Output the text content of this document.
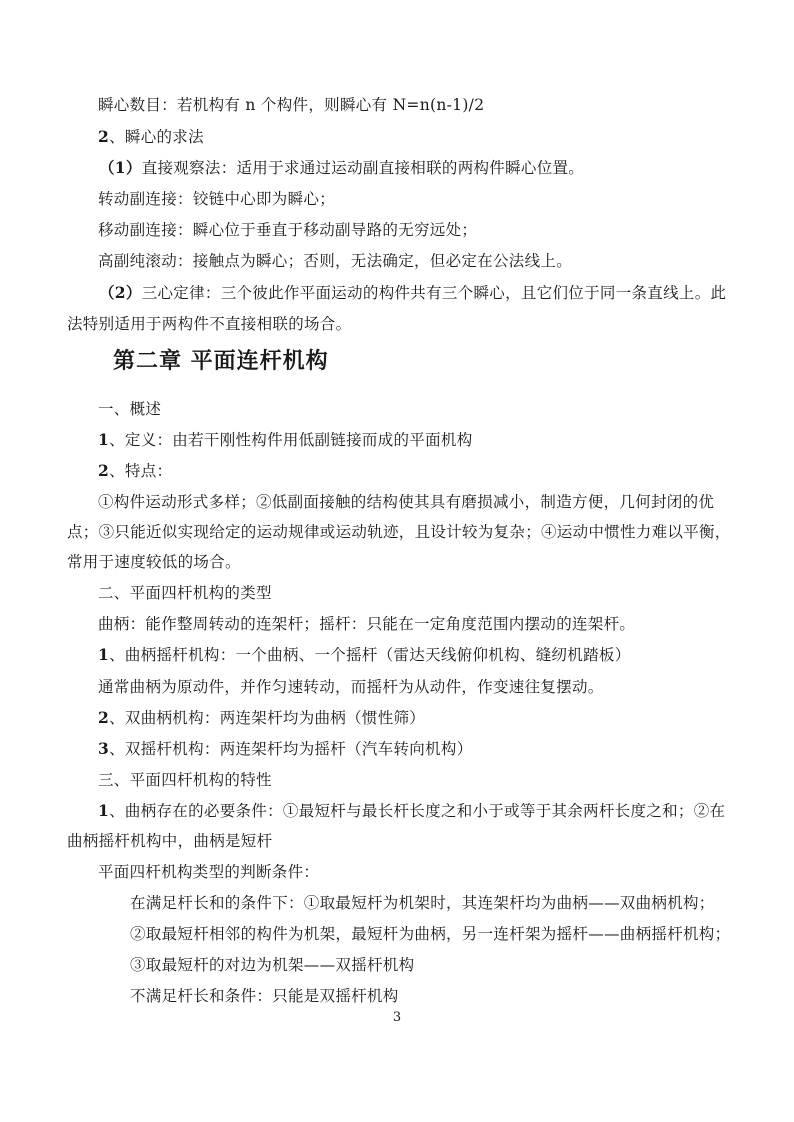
瞬心数目：若机构有 n 个构件，则瞬心有 N=n(n-1)/2
2、瞬心的求法
（1）直接观察法：适用于求通过运动副直接相联的两构件瞬心位置。
转动副连接：铰链中心即为瞬心；
移动副连接：瞬心位于垂直于移动副导路的无穷远处；
高副纯滚动：接触点为瞬心；否则，无法确定，但必定在公法线上。
（2）三心定律：三个彼此作平面运动的构件共有三个瞬心，且它们位于同一条直线上。此
法特别适用于两构件不直接相联的场合。
第二章 平面连杆机构
一、概述
1、定义：由若干刚性构件用低副链接而成的平面机构
2、特点：
①构件运动形式多样；②低副面接触的结构使其具有磨损减小，制造方便，几何封闭的优
点；③只能近似实现给定的运动规律或运动轨迹，且设计较为复杂；④运动中惯性力难以平衡，
常用于速度较低的场合。
二、平面四杆机构的类型
曲柄：能作整周转动的连架杆；摇杆：只能在一定角度范围内摆动的连架杆。
1、曲柄摇杆机构：一个曲柄、一个摇杆（雷达天线俯仰机构、缝纫机踏板）
通常曲柄为原动件，并作匀速转动，而摇杆为从动件，作变速往复摆动。
2、双曲柄机构：两连架杆均为曲柄（惯性筛）
3、双摇杆机构：两连架杆均为摇杆（汽车转向机构）
三、平面四杆机构的特性
1、曲柄存在的必要条件：①最短杆与最长杆长度之和小于或等于其余两杆长度之和；②在
曲柄摇杆机构中，曲柄是短杆
平面四杆机构类型的判断条件：
在满足杆长和的条件下：①取最短杆为机架时，其连架杆均为曲柄——双曲柄机构；
②取最短杆相邻的构件为机架，最短杆为曲柄，另一连杆架为摇杆——曲柄摇杆机构；
③取最短杆的对边为机架——双摇杆机构
不满足杆长和条件：只能是双摇杆机构
3
